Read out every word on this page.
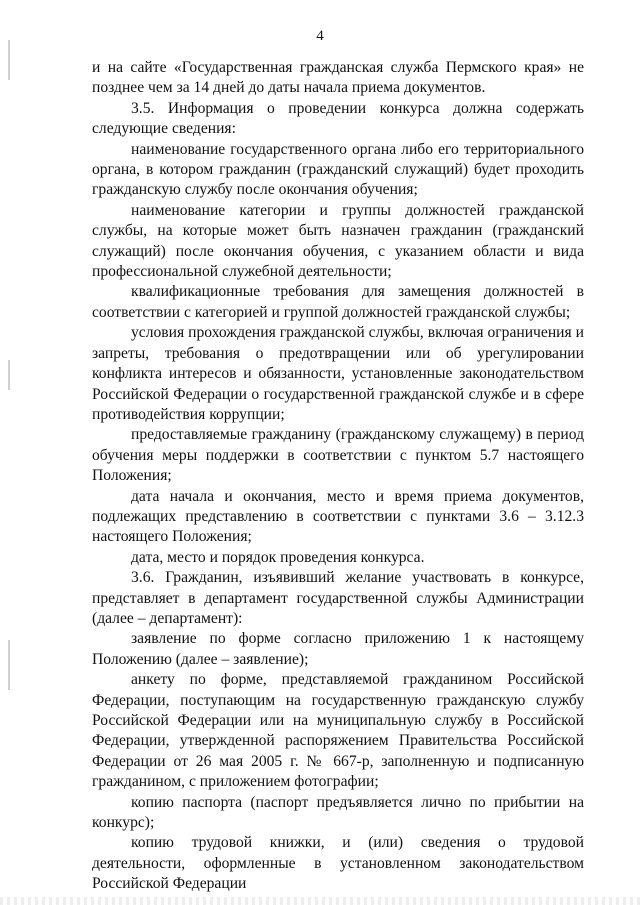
4

и на сайте «Государственная гражданская служба Пермского края» не позднее чем за 14 дней до даты начала приема документов.

3.5. Информация о проведении конкурса должна содержать следующие сведения:

наименование государственного органа либо его территориального органа, в котором гражданин (гражданский служащий) будет проходить гражданскую службу после окончания обучения;

наименование категории и группы должностей гражданской службы, на которые может быть назначен гражданин (гражданский служащий) после окончания обучения, с указанием области и вида профессиональной служебной деятельности;

квалификационные требования для замещения должностей в соответствии с категорией и группой должностей гражданской службы;

условия прохождения гражданской службы, включая ограничения и запреты, требования о предотвращении или об урегулировании конфликта интересов и обязанности, установленные законодательством Российской Федерации о государственной гражданской службе и в сфере противодействия коррупции;

предоставляемые гражданину (гражданскому служащему) в период обучения меры поддержки в соответствии с пунктом 5.7 настоящего Положения;

дата начала и окончания, место и время приема документов, подлежащих представлению в соответствии с пунктами 3.6 – 3.12.3 настоящего Положения;

дата, место и порядок проведения конкурса.

3.6. Гражданин, изъявивший желание участвовать в конкурсе, представляет в департамент государственной службы Администрации (далее – департамент):

заявление по форме согласно приложению 1 к настоящему Положению (далее – заявление);

анкету по форме, представляемой гражданином Российской Федерации, поступающим на государственную гражданскую службу Российской Федерации или на муниципальную службу в Российской Федерации, утвержденной распоряжением Правительства Российской Федерации от 26 мая 2005 г. № 667-р, заполненную и подписанную гражданином, с приложением фотографии;

копию паспорта (паспорт предъявляется лично по прибытии на конкурс);

копию трудовой книжки, и (или) сведения о трудовой деятельности, оформленные в установленном законодательством Российской Федерации
